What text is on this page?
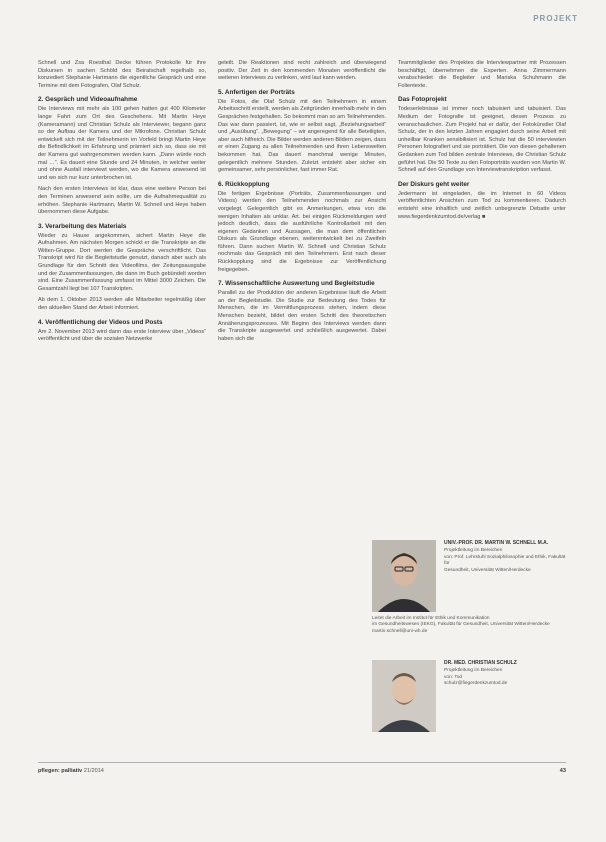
PROJEKT

Schnell und Zsa Roesthal Decke führen Protokolle für ihre Diskursen in sachen Schöld des Beiratschaft regelhalb so, konzediert Stephanie Hartmann die eigentliche Gespräch und eine Termine mit dem Fotografen, Olaf Schulz.

2. Gespräch und Videoaufnahme

Die Interviews mit mehr als 100 gehen hatten gut 400 Kilometer lange Fahrt zum Ort des Geschehens. Mit Martin Heye (Kameramann) und Christian Schulz als Interviewer, begann ganz so der Aufbau der Kamera und der Mikrofone. Christian Schulz entwickelt sich mit der Teilnehmerin im Vorfeld bringt Martin Heye die Befindlichkeit im Erfahrung und prämiert sich so, dass sie mit der Kamera gut wahrgenommen werden kann. „Dann würde noch mal …“. Es dauert eine Stunde und 24 Minuten, in welcher weiter und ohne Ausfall interviewt werden, wo die Kamera anwesend ist und wo sich nur kurz unterbrochen ist.

Nach den ersten Interviews ist klar, dass eine weitere Person bei den Terminen anwesend sein sollte, um die Aufnahmequalität zu erhöhen. Stephanie Hartmann, Martin W. Schnell und Heye haben übernommen diese Aufgabe.

3. Verarbeitung des Materials

Wieder zu Hause angekommen, sichert Martin Heye die Aufnahmen. Am nächsten Morgen schickt er die Transkripte an die Witten-Gruppe. Dort werden die Gespräche verschriftlicht. Das Transkript wird für die Begleitstudie genutzt, danach aber auch als Grundlage für den Schnitt des Videofilms, der Zeitungsausgabe und der Zusammenfassungen, die dann im Buch gebündelt worden sind. Eine Zusammenfassung umfasst im Mittel 3000 Zeichen. Die Gesamtzahl liegt bei 107 Transkripten.

Ab dem 1. Oktober 2013 werden alle Mitarbeiter regelmäßig über den aktuellen Stand der Arbeit informiert.

4. Veröffentlichung der Videos und Posts

Am 2. November 2013 wird dann das erste Interview über „Videos“ veröffentlicht und über die sozialen Netzwerke

geteilt. Die Reaktionen sind recht zahlreich und überwiegend positiv. Der Zeit in den kommenden Monaten veröffentlicht die weiteren Interviews zu verlinken, wird laut kann werden.

5. Anfertigen der Porträts

Die Fotos, die Olaf Schulz mit den Teilnehmern in einem Arbeitsschritt erstellt, werden als Zeitgründen innerhalb mehr in den Gesprächen festgehalten. So bekommt man so am Teilnehmenden. Das war dann passiert, ist, wie er selbst sagt, „Beziehungsarbeit“ und „Ausübung“. „Bewegung“ – wir angeregend für alle Beteiligten, aber auch hilfreich. Die Bilder werden anderen Bildern zeigen, dass er einen Zugang zu allen Teilnehmenden und ihren Lebenswelten bekommen hat. Das dauert manchmal wenige Minuten, gelegentlich mehrere Stunden. Zuletzt entsteht aber sicher ein gemeinsamer, sehr persönlicher, fast immer Rat.

6. Rückkopplung

Die fertigen Ergebnisse (Porträts, Zusammenfassungen und Videos) werden den Teilnehmenden nochmals zur Ansicht vorgelegt. Gelegentlich gibt es Anmerkungen, etwa von die wenigen Inhalten als unklar. Art. bei einigen Rückmeldungen wird jedoch deutlich, dass die ausführliche Kontrollarbeit mit den eigenen Gedanken und Aussagen, die man dem öffentlichen Diskurs als Grundlage ebenen, weiterentwickelt bei zu Zweifeln führen. Dann suchen Martin W. Schnell und Christian Schulz nochmals das Gespräch mit den Teilnehmern. Erst nach dieser Rückkopplung sind die Ergebnisse zur Veröffentlichung freigegeben.

7. Wissenschaftliche Auswertung und Begleitstudie

Parallel zu der Produktion der anderen Ergebnisse läuft die Arbeit an der Begleitstudie. Die Studie zur Bedeutung des Todes für Menschen, die im Vermittlungsprozess stehen, indem diese Menschen bezieht, bildet den ersten Schritt des theoretischen Annäherungsprozesses. Mit Beginn des Interviews werden dann die Transkripte ausgewertet und schließlich ausgewertet. Dabei haben sich die

Teammitglieder des Projektes die Interviewpartner mit Prozessen beschäftigt, übernehmen die Experten. Anna Zimmermann verabschiedet die Begleiter und Mariska Schuhmann die Folientexte.

Das Fotoprojekt

Todeserlebnisse ist immer noch tabuisiert und tabuisiert. Das Medium der Fotografie ist geeignet, diesen Prozess zu veranschaulichen. Zum Projekt hat er dafür, der Fotokünstler Olaf Schulz, der in den letzten Jahren engagiert durch seine Arbeit mit unheilbar Kranken sensibilisiert ist. Schulz hat die 50 interviewten Personen fotografiert und sie porträtiert. Die von diesen gehaltenen Gedanken zum Tod bilden zentrale Interviews, die Christian Schulz geführt hat. Die 50 Texte zu den Fotoporträts wurden von Martin W. Schnell auf den Grundlage von Interviewtranskription verfasst.

Der Diskurs geht weiter

Jedermann ist eingeladen, die im Internet in 60 Videos veröffentlichten Ansichten zum Tod zu kommentieren. Dadurch entsteht eine inhaltlich und zeitlich unbegrenzte Debatte unter www.fiegerdenkzumtod.de/verlag ■

UNIV.-PROF. DR. MARTIN W. SCHNELL M.A.
Projektleitung im Bereichen
von: Prof. Lehrstuhl Sozialphilosophie und Ethik, Fakultät für
Gesundheit, Universität Witten/Herdecke
Leitet die Arbeit im Institut für Ethik und Kommunikation
im Gesundheitswesen (IEKG), Fakultät für Gesundheit, Universität Witten/Herdecke
martin.schnell@uni-wh.de
DR. MED. CHRISTIAN SCHULZ
Projektleitung im Bereichen
von: Tod
schulz@fiegerdenkzumtod.de
pflegen: palliativ 21/2014	43
